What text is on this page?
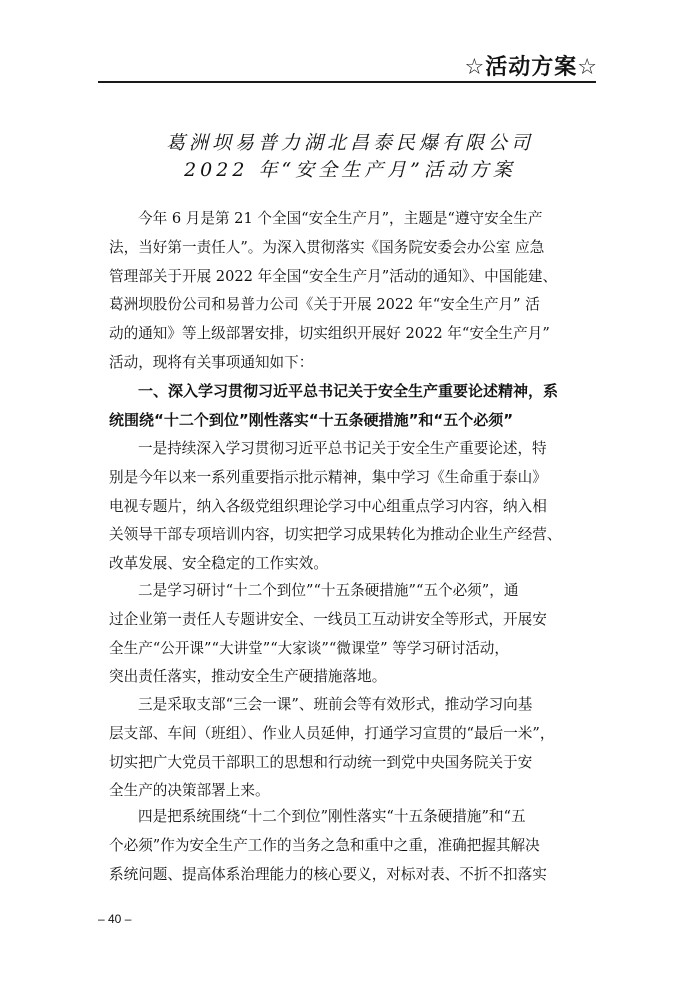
☆活动方案☆
葛洲坝易普力湖北昌泰民爆有限公司
2022 年“安全生产月”活动方案
今年 6 月是第 21 个全国“安全生产月”，主题是“遵守安全生产
法，当好第一责任人”。为深入贯彻落实《国务院安委会办公室 应急
管理部关于开展 2022 年全国“安全生产月”活动的通知》、中国能建、
葛洲坝股份公司和易普力公司《关于开展 2022 年“安全生产月” 活
动的通知》等上级部署安排，切实组织开展好 2022 年“安全生产月”
活动，现将有关事项通知如下：
一、深入学习贯彻习近平总书记关于安全生产重要论述精神，系
统围绕“十二个到位”刚性落实“十五条硬措施”和“五个必须”
一是持续深入学习贯彻习近平总书记关于安全生产重要论述，特
别是今年以来一系列重要指示批示精神，集中学习《生命重于泰山》
电视专题片，纳入各级党组织理论学习中心组重点学习内容，纳入相
关领导干部专项培训内容，切实把学习成果转化为推动企业生产经营、
改革发展、安全稳定的工作实效。
二是学习研讨“十二个到位”“十五条硬措施”“五个必须”，通
过企业第一责任人专题讲安全、一线员工互动讲安全等形式，开展安
全生产“公开课”“大讲堂”“大家谈”“微课堂” 等学习研讨活动，
突出责任落实，推动安全生产硬措施落地。
三是采取支部“三会一课”、班前会等有效形式，推动学习向基
层支部、车间（班组）、作业人员延伸，打通学习宣贯的“最后一米”，
切实把广大党员干部职工的思想和行动统一到党中央国务院关于安
全生产的决策部署上来。
四是把系统围绕“十二个到位”刚性落实“十五条硬措施”和“五
个必须”作为安全生产工作的当务之急和重中之重，准确把握其解决
系统问题、提高体系治理能力的核心要义，对标对表、不折不扣落实
– 40 –
